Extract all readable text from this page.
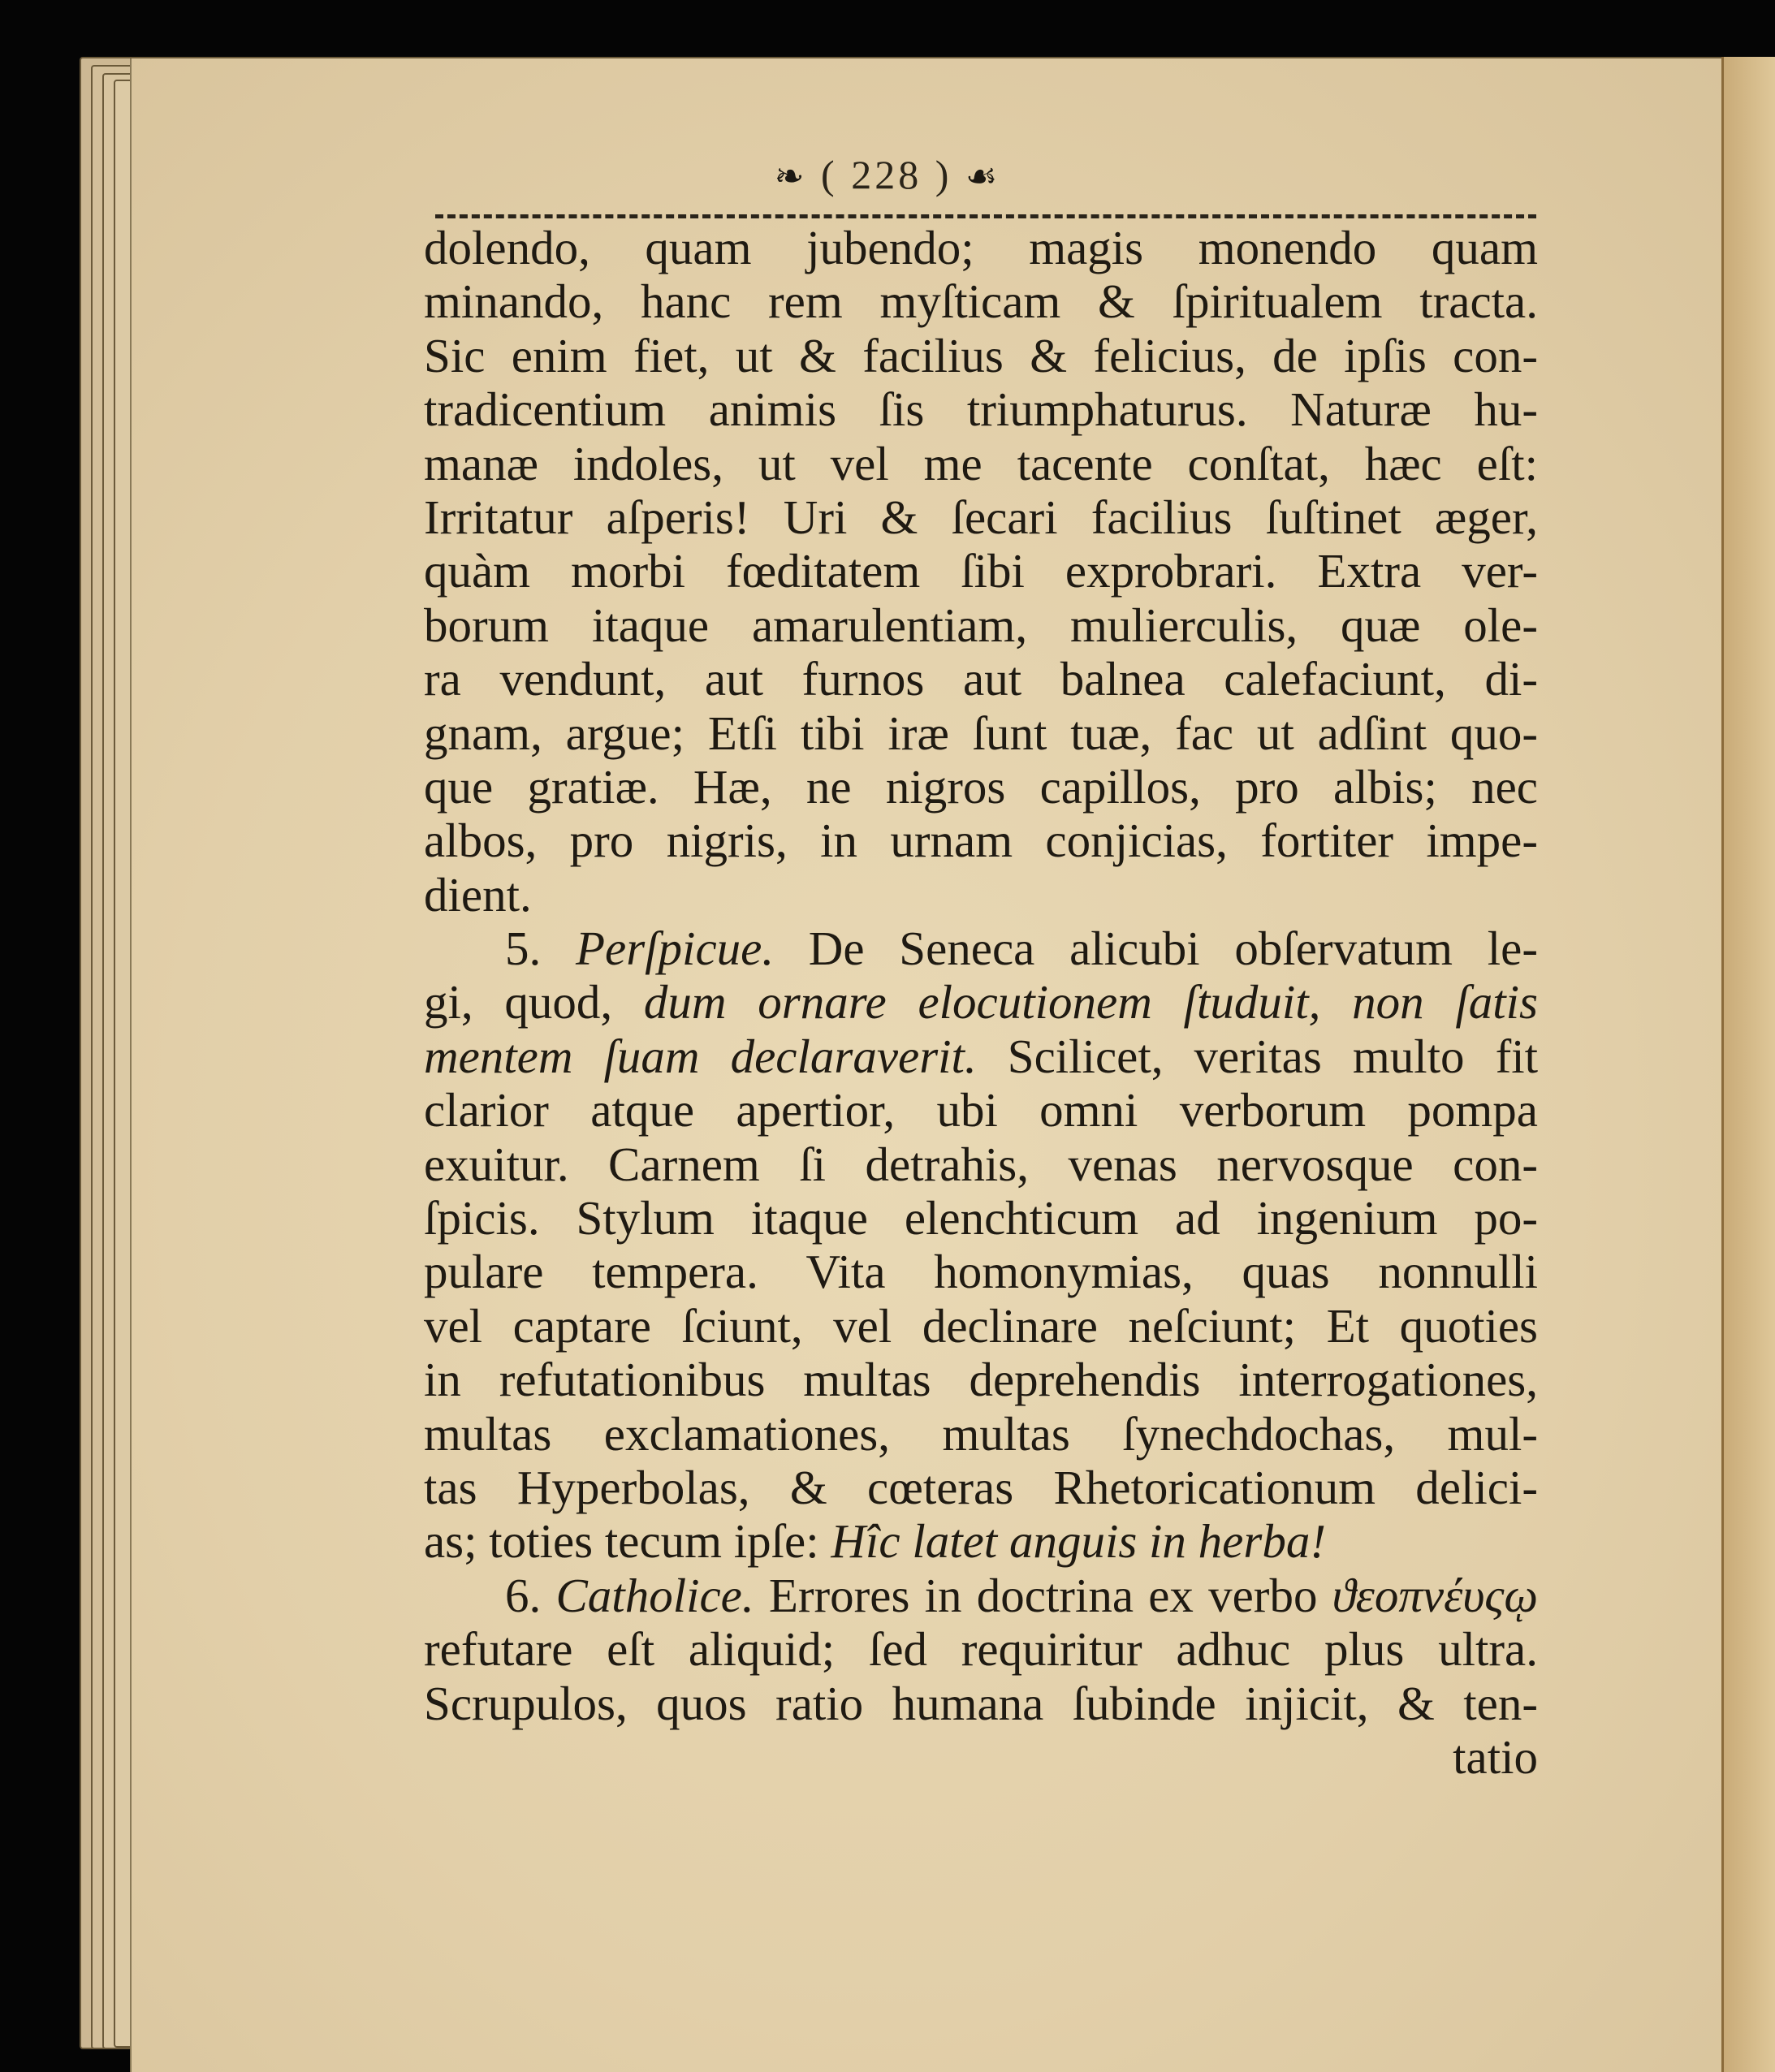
❧ ( 228 ) ☙
dolendo, quam jubendo; magis monendo quam
minando, hanc rem myſticam & ſpiritualem tracta.
Sic enim fiet, ut & facilius & felicius, de ipſis con-
tradicentium animis ſis triumphaturus. Naturæ hu-
manæ indoles, ut vel me tacente conſtat, hæc eſt:
Irritatur aſperis! Uri & ſecari facilius ſuſtinet æger,
quàm morbi fœditatem ſibi exprobrari. Extra ver-
borum itaque amarulentiam, mulierculis, quæ ole-
ra vendunt, aut furnos aut balnea calefaciunt, di-
gnam, argue; Etſi tibi iræ ſunt tuæ, fac ut adſint quo-
que gratiæ. Hæ, ne nigros capillos, pro albis; nec
albos, pro nigris, in urnam conjicias, fortiter impe-
dient.
5. Perſpicue. De Seneca alicubi obſervatum le-
gi, quod, dum ornare elocutionem ſtuduit, non ſatis
mentem ſuam declaraverit. Scilicet, veritas multo fit
clarior atque apertior, ubi omni verborum pompa
exuitur. Carnem ſi detrahis, venas nervosque con-
ſpicis. Stylum itaque elenchticum ad ingenium po-
pulare tempera. Vita homonymias, quas nonnulli
vel captare ſciunt, vel declinare neſciunt; Et quoties
in refutationibus multas deprehendis interrogationes,
multas exclamationes, multas ſynechdochas, mul-
tas Hyperbolas, & cœteras Rhetoricationum delici-
as; toties tecum ipſe: Hîc latet anguis in herba!
6. Catholice. Errores in doctrina ex verbo ϑεοπνέυςῳ
refutare eſt aliquid; ſed requiritur adhuc plus ultra.
Scrupulos, quos ratio humana ſubinde injicit, & ten-
tatio
